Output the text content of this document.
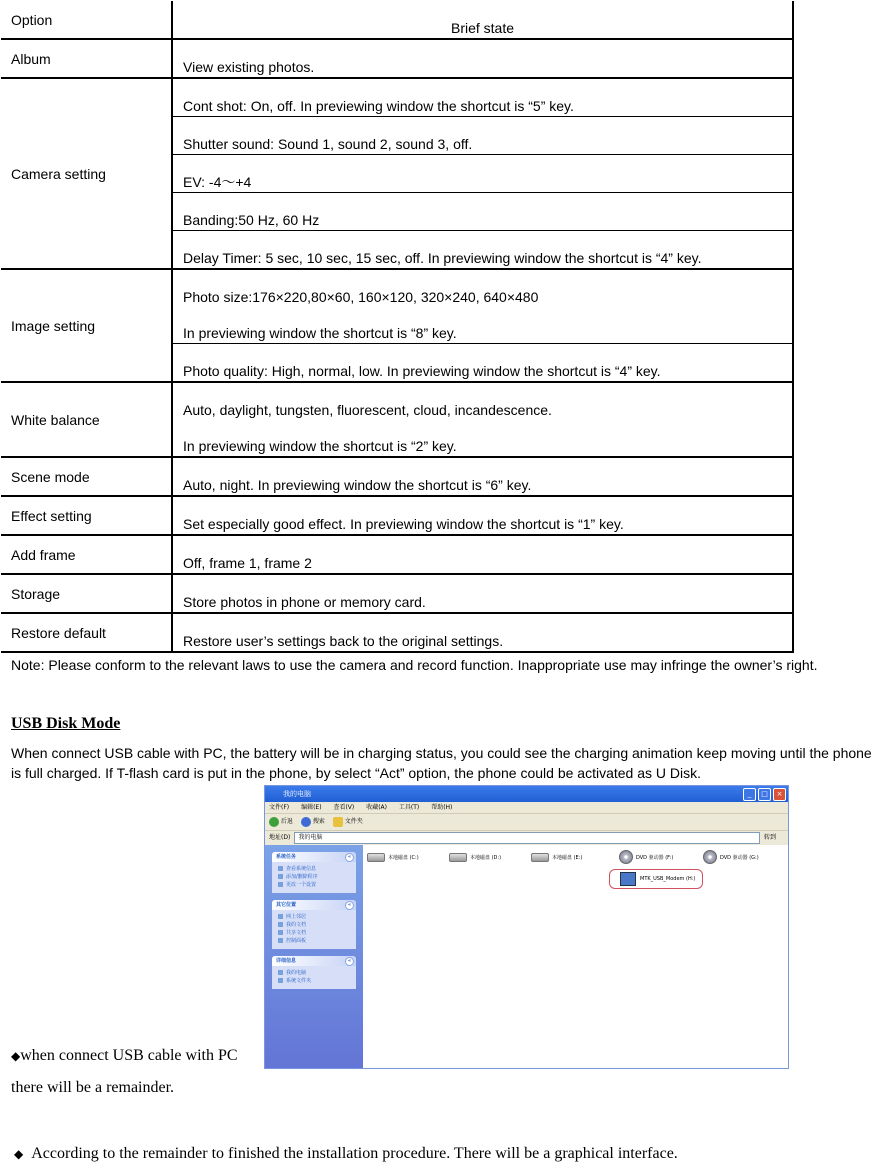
Option	Brief state
Album	View existing photos.

Camera setting	Cont shot: On, off. In previewing window the shortcut is “5” key.

	Shutter sound: Sound 1, sound 2, sound 3, off.

	EV: -4～+4

	Banding:50 Hz, 60 Hz

	Delay Timer: 5 sec, 10 sec, 15 sec, off. In previewing window the shortcut is “4” key.

Image setting	Photo size:176×220,80×60, 160×120, 320×240, 640×480
In previewing window the shortcut is “8” key.

	Photo quality: High, normal, low. In previewing window the shortcut is “4” key.

White balance	Auto, daylight, tungsten, fluorescent, cloud, incandescence.
In previewing window the shortcut is “2” key.

Scene mode	Auto, night. In previewing window the shortcut is “6” key.

Effect setting	Set especially good effect. In previewing window the shortcut is “1” key.

Add frame	Off, frame 1, frame 2

Storage	Store photos in phone or memory card.

Restore default	Restore user’s settings back to the original settings.
Note: Please conform to the relevant laws to use the camera and record function. Inappropriate use may infringe the owner’s right.
USB Disk Mode
When connect USB cable with PC, the battery will be in charging status, you could see the charging animation keep moving until the phone is full charged. If T-flash card is put in the phone, by select “Act” option, the phone could be activated as U Disk.
我的电脑	_	□	×
文件(F) 编辑(E) 查看(V) 收藏(A) 工具(T) 帮助(H)
后退	搜索	文件夹
地址(D)	我的电脑	转到
系统任务 «
查看系统信息
添加/删除程序
更改一个设置
其它位置 «
网上邻居
我的文档
共享文档
控制面板
详细信息 «
我的电脑
系统文件夹
本地磁盘 (C:)	本地磁盘 (D:)	本地磁盘 (E:)	DVD 驱动器 (F:)	DVD 驱动器 (G:)
MTK_USB_Modem (H:)
◆when connect USB cable with PC
there will be a remainder.
◆ According to the remainder to finished the installation procedure. There will be a graphical interface.
